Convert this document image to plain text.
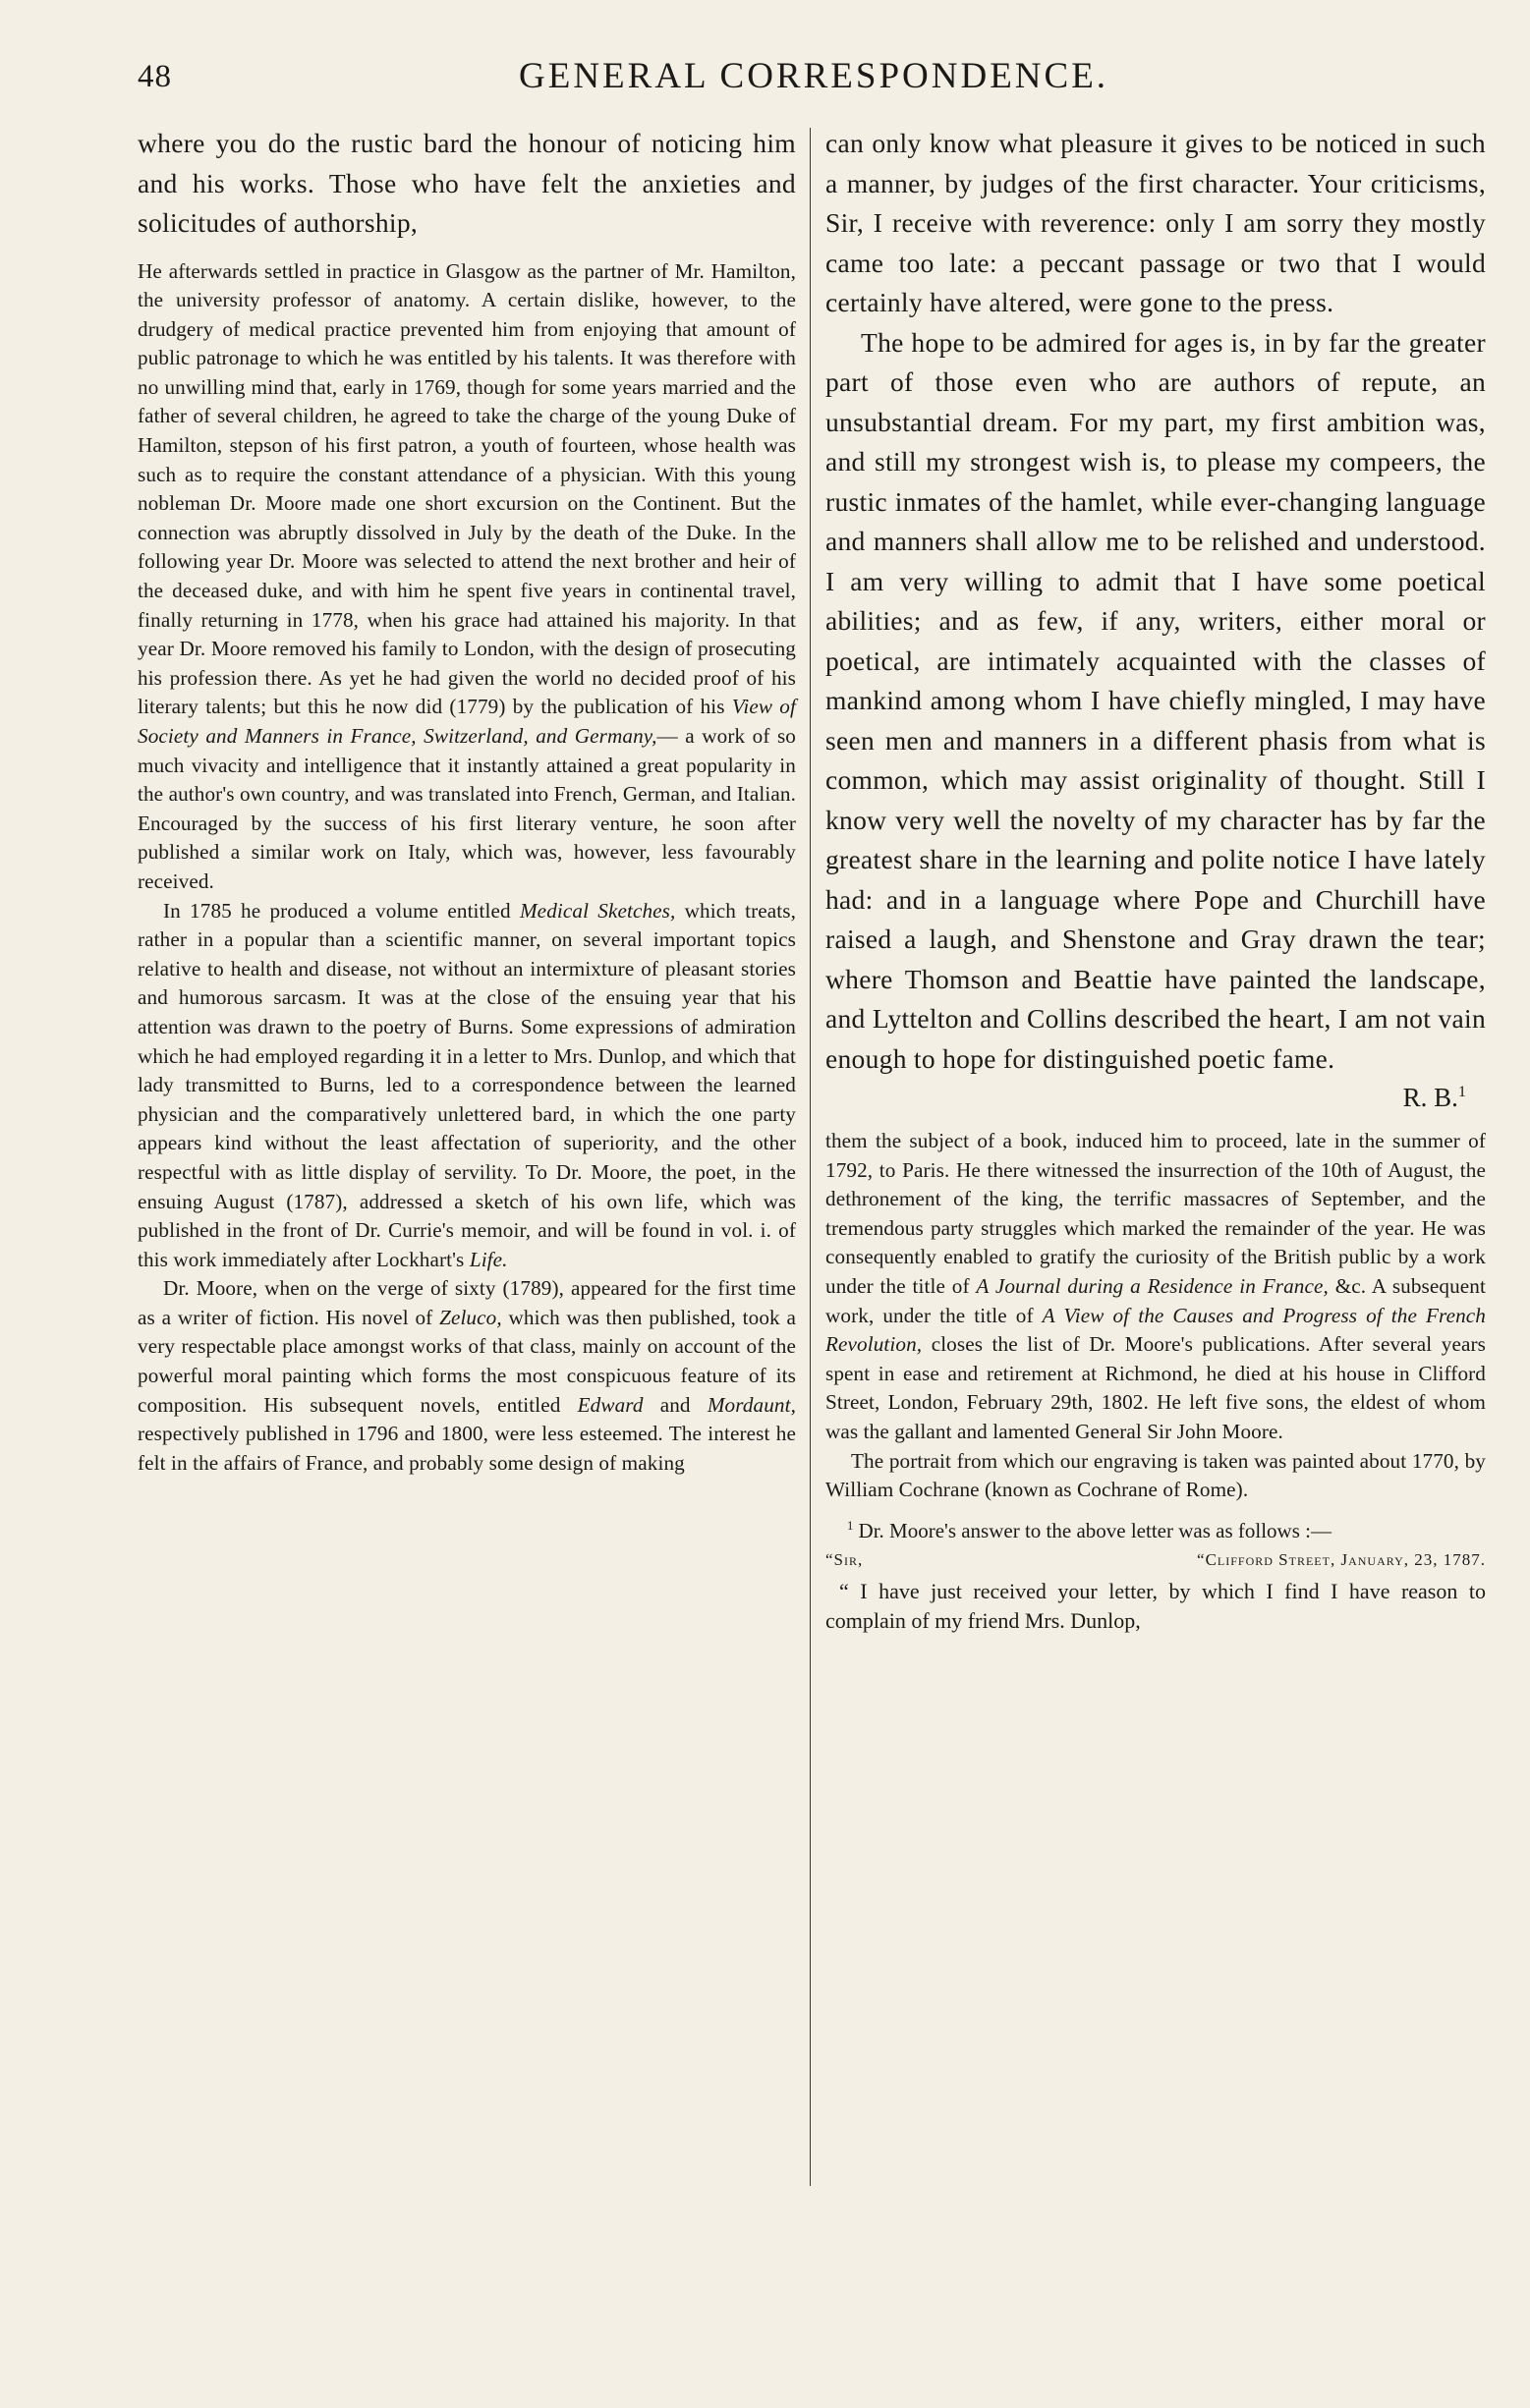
48	GENERAL CORRESPONDENCE.

where you do the rustic bard the honour of noticing him and his works. Those who have felt the anxieties and solicitudes of authorship,

He afterwards settled in practice in Glasgow as the partner of Mr. Hamilton, the university professor of anatomy. A certain dislike, however, to the drudgery of medical practice prevented him from enjoying that amount of public patronage to which he was entitled by his talents. It was therefore with no unwilling mind that, early in 1769, though for some years married and the father of several children, he agreed to take the charge of the young Duke of Hamilton, stepson of his first patron, a youth of fourteen, whose health was such as to require the constant attendance of a physician. With this young nobleman Dr. Moore made one short excursion on the Continent. But the connection was abruptly dissolved in July by the death of the Duke. In the following year Dr. Moore was selected to attend the next brother and heir of the deceased duke, and with him he spent five years in continental travel, finally returning in 1778, when his grace had attained his majority. In that year Dr. Moore removed his family to London, with the design of prosecuting his profession there. As yet he had given the world no decided proof of his literary talents; but this he now did (1779) by the publication of his View of Society and Manners in France, Switzerland, and Germany,— a work of so much vivacity and intelligence that it instantly attained a great popularity in the author's own country, and was translated into French, German, and Italian. Encouraged by the success of his first literary venture, he soon after published a similar work on Italy, which was, however, less favourably received.

In 1785 he produced a volume entitled Medical Sketches, which treats, rather in a popular than a scientific manner, on several important topics relative to health and disease, not without an intermixture of pleasant stories and humorous sarcasm. It was at the close of the ensuing year that his attention was drawn to the poetry of Burns. Some expressions of admiration which he had employed regarding it in a letter to Mrs. Dunlop, and which that lady transmitted to Burns, led to a correspondence between the learned physician and the comparatively unlettered bard, in which the one party appears kind without the least affectation of superiority, and the other respectful with as little display of servility. To Dr. Moore, the poet, in the ensuing August (1787), addressed a sketch of his own life, which was published in the front of Dr. Currie's memoir, and will be found in vol. i. of this work immediately after Lockhart's Life.

Dr. Moore, when on the verge of sixty (1789), appeared for the first time as a writer of fiction. His novel of Zeluco, which was then published, took a very respectable place amongst works of that class, mainly on account of the powerful moral painting which forms the most conspicuous feature of its composition. His subsequent novels, entitled Edward and Mordaunt, respectively published in 1796 and 1800, were less esteemed. The interest he felt in the affairs of France, and probably some design of making

can only know what pleasure it gives to be noticed in such a manner, by judges of the first character. Your criticisms, Sir, I receive with reverence: only I am sorry they mostly came too late: a peccant passage or two that I would certainly have altered, were gone to the press.

The hope to be admired for ages is, in by far the greater part of those even who are authors of repute, an unsubstantial dream. For my part, my first ambition was, and still my strongest wish is, to please my compeers, the rustic inmates of the hamlet, while ever-changing language and manners shall allow me to be relished and understood. I am very willing to admit that I have some poetical abilities; and as few, if any, writers, either moral or poetical, are intimately acquainted with the classes of mankind among whom I have chiefly mingled, I may have seen men and manners in a different phasis from what is common, which may assist originality of thought. Still I know very well the novelty of my character has by far the greatest share in the learning and polite notice I have lately had: and in a language where Pope and Churchill have raised a laugh, and Shenstone and Gray drawn the tear; where Thomson and Beattie have painted the landscape, and Lyttelton and Collins described the heart, I am not vain enough to hope for distinguished poetic fame.

R. B.$^1$

them the subject of a book, induced him to proceed, late in the summer of 1792, to Paris. He there witnessed the insurrection of the 10th of August, the dethronement of the king, the terrific massacres of September, and the tremendous party struggles which marked the remainder of the year. He was consequently enabled to gratify the curiosity of the British public by a work under the title of A Journal during a Residence in France, &c. A subsequent work, under the title of A View of the Causes and Progress of the French Revolution, closes the list of Dr. Moore's publications. After several years spent in ease and retirement at Richmond, he died at his house in Clifford Street, London, February 29th, 1802. He left five sons, the eldest of whom was the gallant and lamented General Sir John Moore.

The portrait from which our engraving is taken was painted about 1770, by William Cochrane (known as Cochrane of Rome).

$^1$ Dr. Moore's answer to the above letter was as follows :—

“Sir,	“Clifford Street, January, 23, 1787.

“ I have just received your letter, by which I find I have reason to complain of my friend Mrs. Dunlop,
